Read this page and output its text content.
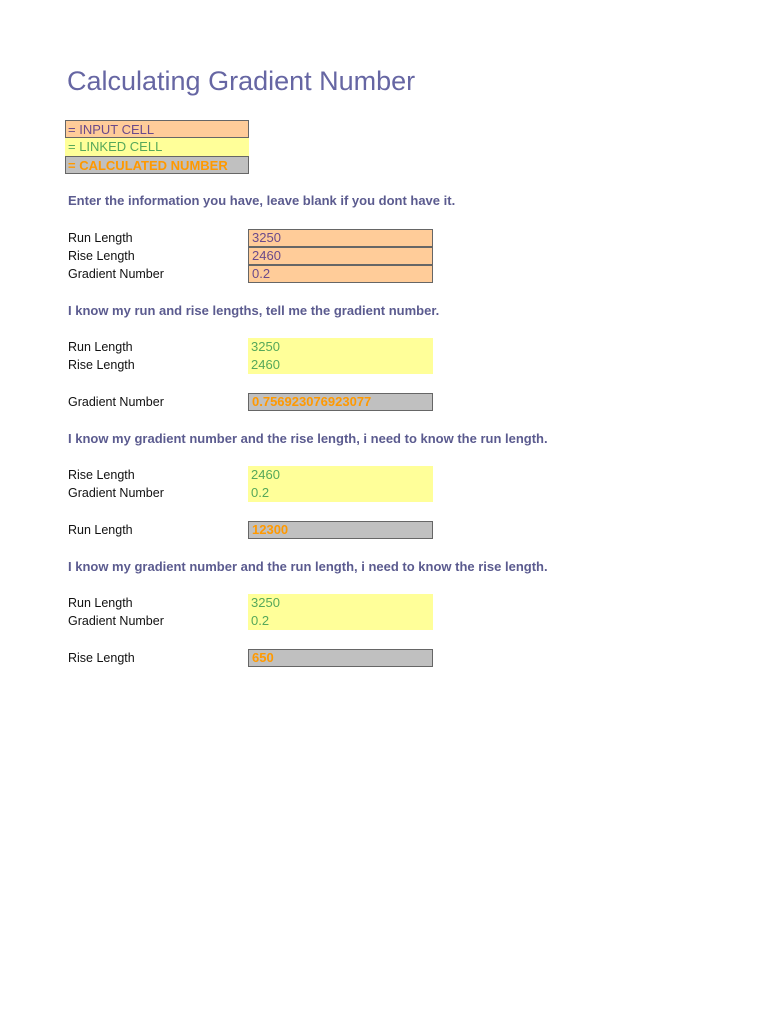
Calculating Gradient Number
= INPUT CELL
= LINKED CELL
= CALCULATED NUMBER
Enter the information you have, leave blank if you dont have it.
Run Length	3250
Rise Length	2460
Gradient Number	0.2
I know my run and rise lengths, tell me the gradient number.
Run Length	3250
Rise Length	2460
Gradient Number	0.756923076923077
I know my gradient number and the rise length, i need to know the run length.
Rise Length	2460
Gradient Number	0.2
Run Length	12300
I know my gradient number and the run length, i need to know the rise length.
Run Length	3250
Gradient Number	0.2
Rise Length	650
